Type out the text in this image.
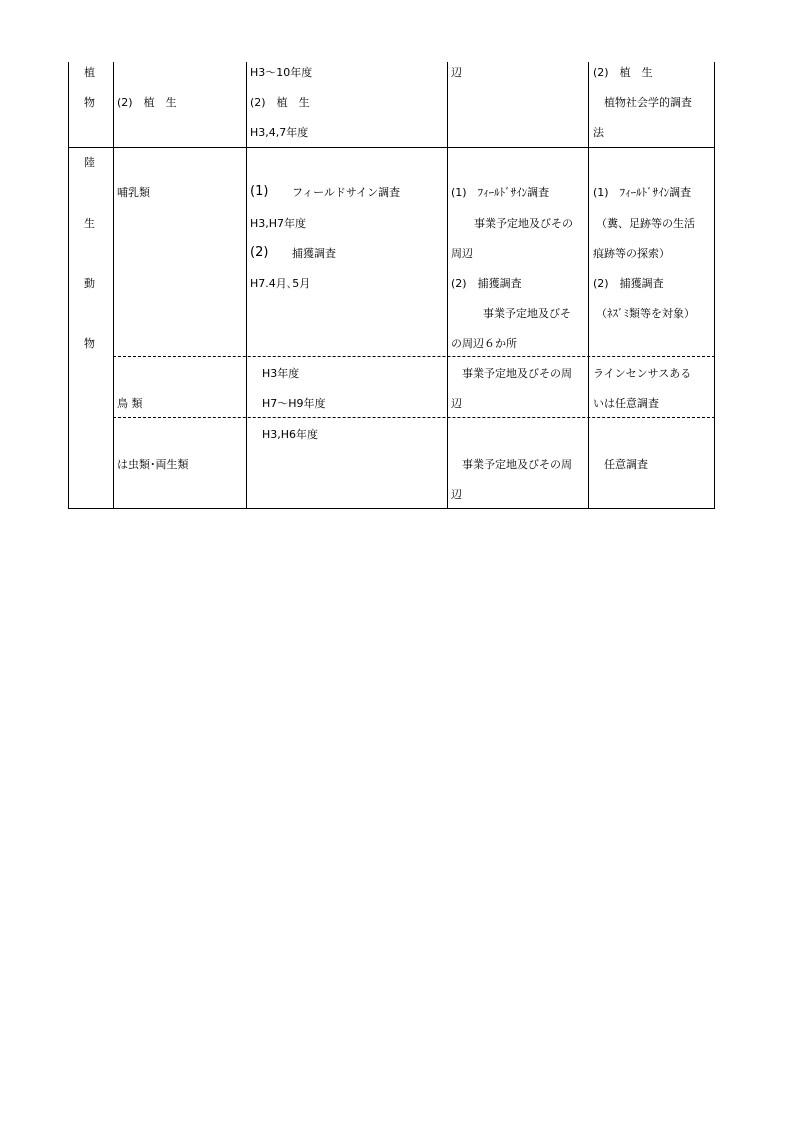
植
物 (2)　植　生
H3～10年度
(2)　植　生
H3,4,7年度
辺	(2)　植　生
植物社会学的調査
法
陸
生
動
物
哺乳類	(1) フィールドサイン調査
H3,H7年度
(2) 捕獲調査
H7.4月､5月
(1)　ﾌｨｰﾙﾄﾞｻｲﾝ調査
事業予定地及びその
周辺
(2)　捕獲調査
事業予定地及びそ
の周辺６か所
(1)　ﾌｨｰﾙﾄﾞｻｲﾝ調査
（糞、足跡等の生活
痕跡等の探索）
(2)　捕獲調査
（ﾈｽﾞﾐ類等を対象）
鳥 類
H3年度
H7～H9年度
事業予定地及びその周
辺
ラインセンサスある
いは任意調査
は虫類･両生類
H3,H6年度
事業予定地及びその周
辺
任意調査
